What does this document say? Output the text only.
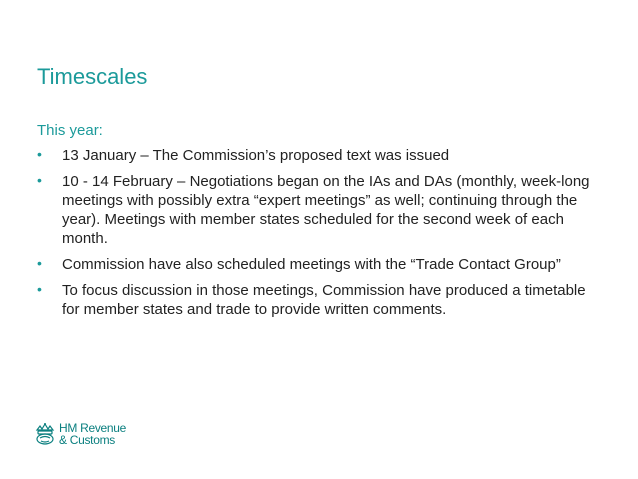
Timescales
This year:
• 13 January – The Commission’s proposed text was issued
• 10 - 14 February – Negotiations began on the IAs and DAs (monthly, week-long meetings with possibly extra “expert meetings” as well; continuing through the year). Meetings with member states scheduled for the second week of each month.
• Commission have also scheduled meetings with the “Trade Contact Group”
• To focus discussion in those meetings, Commission have produced a timetable for member states and trade to provide written comments.
HM Revenue
& Customs
